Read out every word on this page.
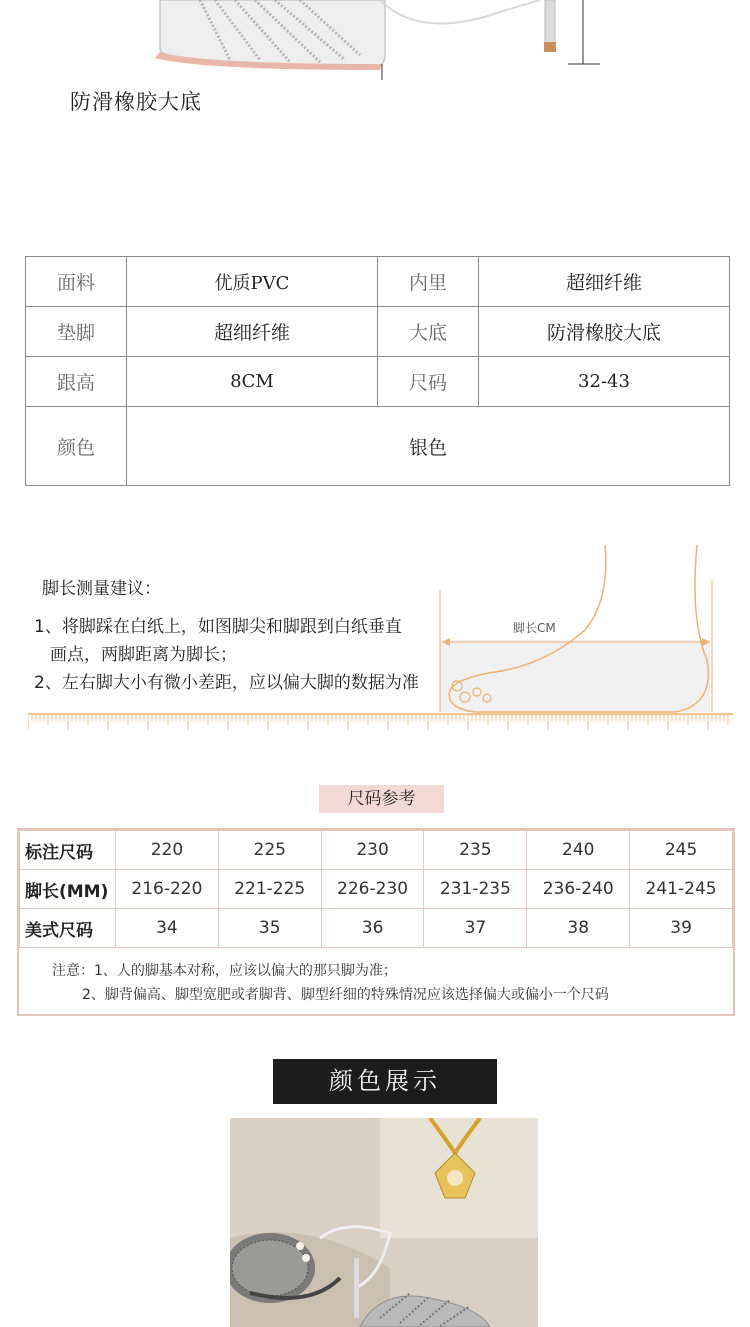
防滑橡胶大底
面料	优质PVC	内里	超细纤维
垫脚	超细纤维	大底	防滑橡胶大底
跟高	8CM	尺码	32-43
颜色	银色		
脚长测量建议：
1、将脚踩在白纸上，如图脚尖和脚跟到白纸垂直
画点，两脚距离为脚长；
2、左右脚大小有微小差距，应以偏大脚的数据为准
脚长CM
尺码参考
标注尺码	220	225	230	235	240	245
脚长(MM)	216-220	221-225	226-230	231-235	236-240	241-245
美式尺码	34	35	36	37	38	39
注意：1、人的脚基本对称，应该以偏大的那只脚为准；
2、脚背偏高、脚型宽肥或者脚背、脚型纤细的特殊情况应该选择偏大或偏小一个尺码
颜色展示
